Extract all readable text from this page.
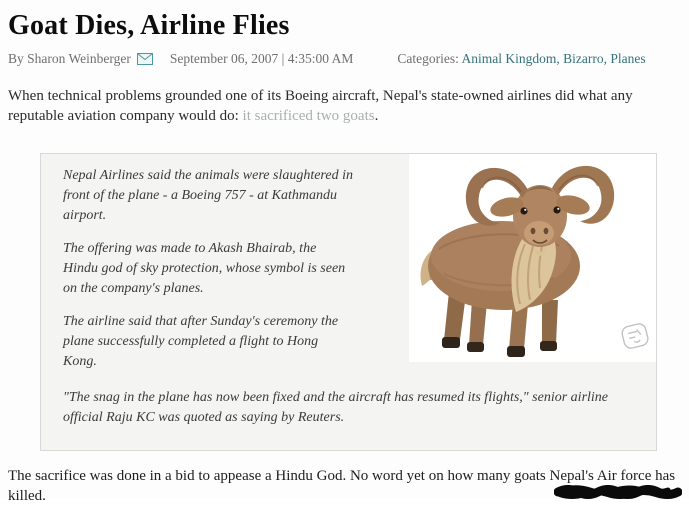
Goat Dies, Airline Flies
By Sharon Weinberger	September 06, 2007 | 4:35:00 AM	Categories: Animal Kingdom, Bizarro, Planes

When technical problems grounded one of its Boeing aircraft, Nepal's state-owned airlines did what any reputable aviation company would do: it sacrificed two goats.

Nepal Airlines said the animals were slaughtered in front of the plane - a Boeing 757 - at Kathmandu airport.

The offering was made to Akash Bhairab, the Hindu god of sky protection, whose symbol is seen on the company's planes.

The airline said that after Sunday's ceremony the plane successfully completed a flight to Hong Kong.

"The snag in the plane has now been fixed and the aircraft has resumed its flights," senior airline official Raju KC was quoted as saying by Reuters.

The sacrifice was done in a bid to appease a Hindu God. No word yet on how many goats Nepal's Air force has killed.
